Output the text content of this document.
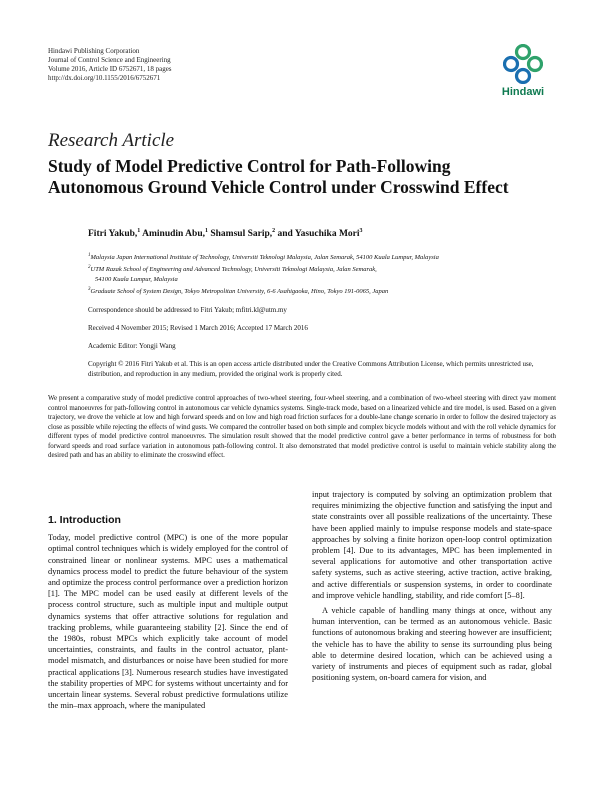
Hindawi Publishing Corporation
Journal of Control Science and Engineering
Volume 2016, Article ID 6752671, 18 pages
http://dx.doi.org/10.1155/2016/6752671
Hindawi
Research Article
Study of Model Predictive Control for Path-Following
Autonomous Ground Vehicle Control under Crosswind Effect
Fitri Yakub,$^1$ Aminudin Abu,$^1$ Shamsul Sarip,$^2$ and Yasuchika Mori$^3$
$^1$Malaysia Japan International Institute of Technology, Universiti Teknologi Malaysia, Jalan Semarak, 54100 Kuala Lumpur, Malaysia
$^2$UTM Razak School of Engineering and Advanced Technology, Universiti Teknologi Malaysia, Jalan Semarak,
54100 Kuala Lumpur, Malaysia
$^3$Graduate School of System Design, Tokyo Metropolitan University, 6-6 Asahigaoka, Hino, Tokyo 191-0065, Japan
Correspondence should be addressed to Fitri Yakub; mfitri.kl@utm.my
Received 4 November 2015; Revised 1 March 2016; Accepted 17 March 2016
Academic Editor: Yongji Wang
Copyright © 2016 Fitri Yakub et al. This is an open access article distributed under the Creative Commons Attribution License, which permits unrestricted use, distribution, and reproduction in any medium, provided the original work is properly cited.
We present a comparative study of model predictive control approaches of two-wheel steering, four-wheel steering, and a combination of two-wheel steering with direct yaw moment control manoeuvres for path-following control in autonomous car vehicle dynamics systems. Single-track mode, based on a linearized vehicle and tire model, is used. Based on a given trajectory, we drove the vehicle at low and high forward speeds and on low and high road friction surfaces for a double-lane change scenario in order to follow the desired trajectory as close as possible while rejecting the effects of wind gusts. We compared the controller based on both simple and complex bicycle models without and with the roll vehicle dynamics for different types of model predictive control manoeuvres. The simulation result showed that the model predictive control gave a better performance in terms of robustness for both forward speeds and road surface variation in autonomous path-following control. It also demonstrated that model predictive control is useful to maintain vehicle stability along the desired path and has an ability to eliminate the crosswind effect.
1. Introduction

Today, model predictive control (MPC) is one of the more popular optimal control techniques which is widely employed for the control of constrained linear or nonlinear systems. MPC uses a mathematical dynamics process model to predict the future behaviour of the system and optimize the process control performance over a prediction horizon [1]. The MPC model can be used easily at different levels of the process control structure, such as multiple input and multiple output dynamics systems that offer attractive solutions for regulation and tracking problems, while guaranteeing stability [2]. Since the end of the 1980s, robust MPCs which explicitly take account of model uncertainties, constraints, and faults in the control actuator, plant-model mismatch, and disturbances or noise have been studied for more practical applications [3]. Numerous research studies have investigated the stability properties of MPC for systems without uncertainty and for uncertain linear systems. Several robust predictive formulations utilize the min–max approach, where the manipulated

input trajectory is computed by solving an optimization problem that requires minimizing the objective function and satisfying the input and state constraints over all possible realizations of the uncertainty. These have been applied mainly to impulse response models and state-space approaches by solving a finite horizon open-loop control optimization problem [4]. Due to its advantages, MPC has been implemented in several applications for automotive and other transportation active safety systems, such as active steering, active traction, active braking, and active differentials or suspension systems, in order to coordinate and improve vehicle handling, stability, and ride comfort [5–8].

A vehicle capable of handling many things at once, without any human intervention, can be termed as an autonomous vehicle. Basic functions of autonomous braking and steering however are insufficient; the vehicle has to have the ability to sense its surrounding plus being able to determine desired location, which can be achieved using a variety of instruments and pieces of equipment such as radar, global positioning system, on-board camera for vision, and
